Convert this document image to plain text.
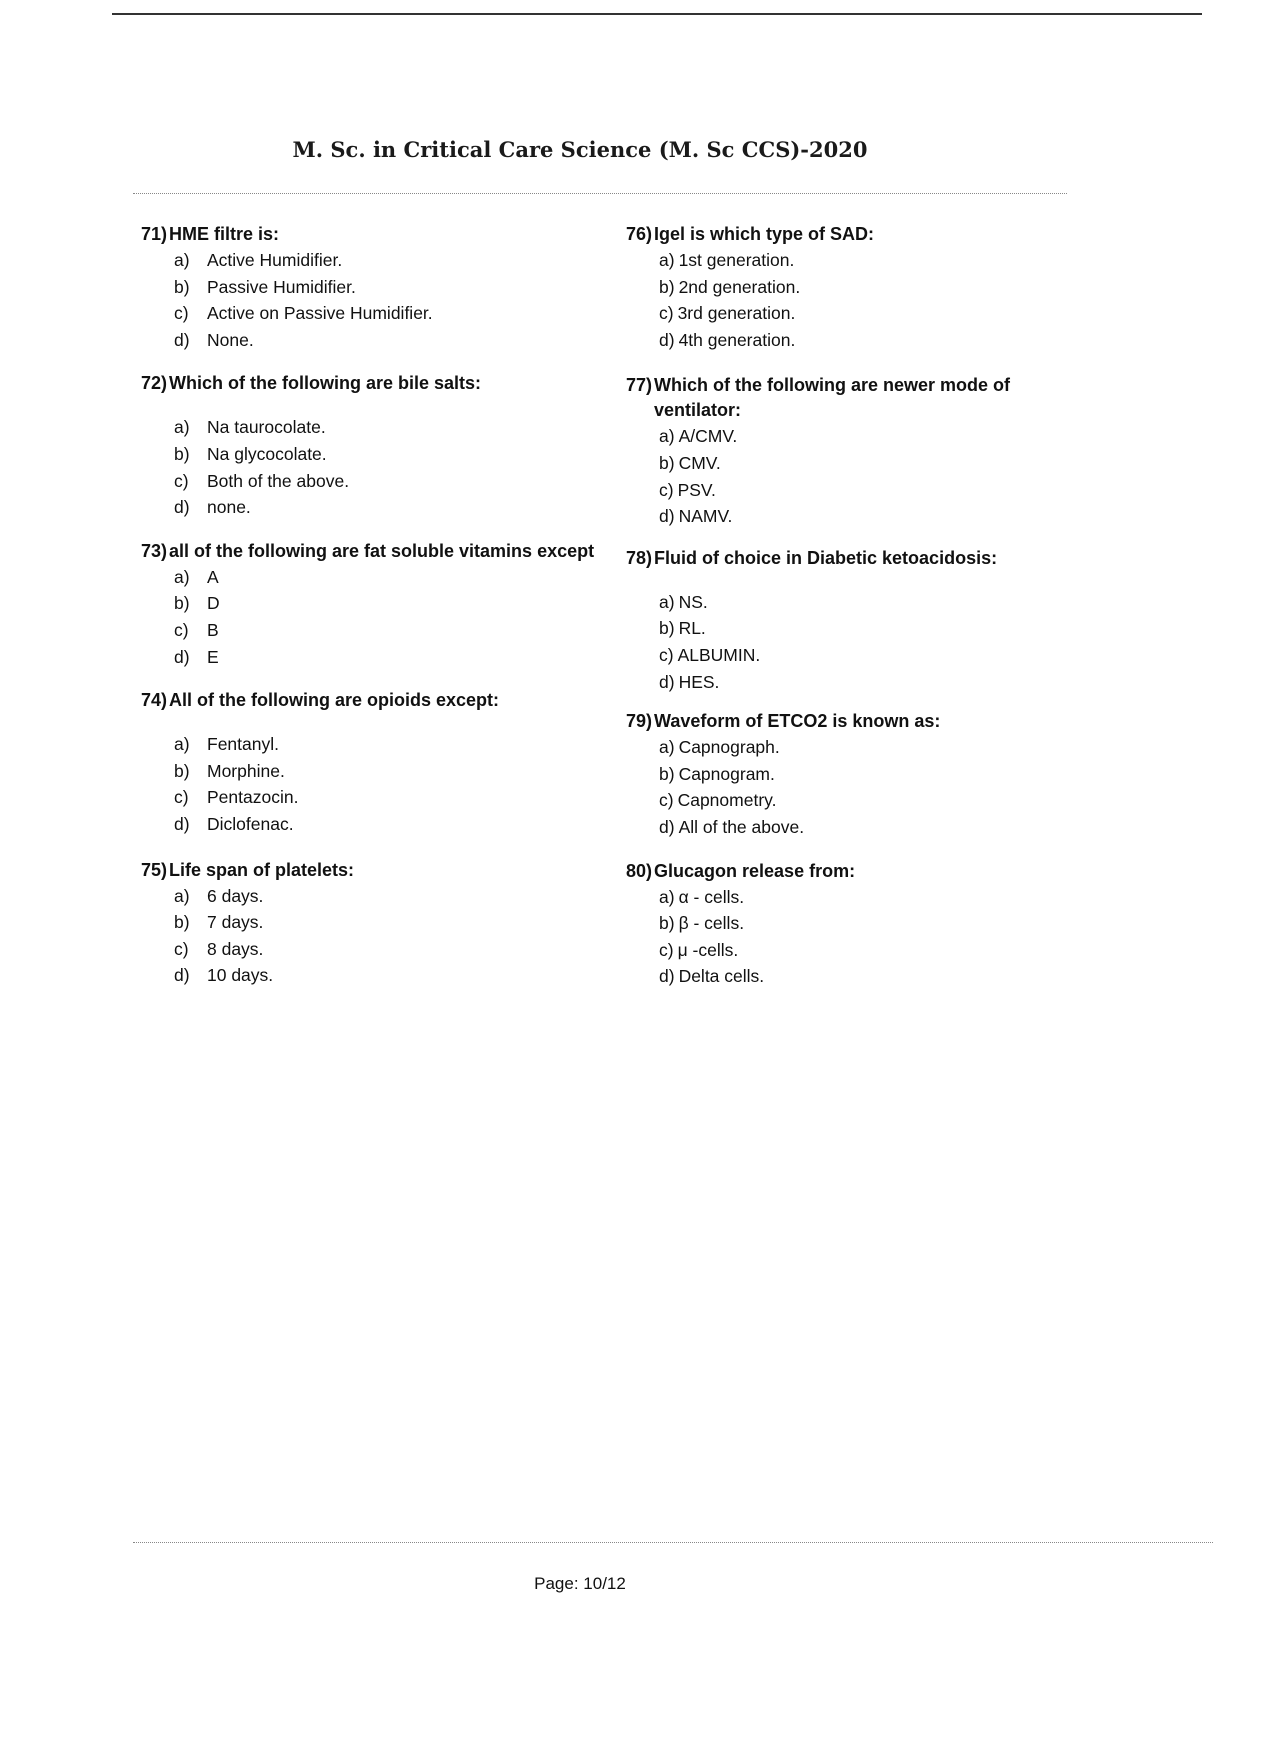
M. Sc. in Critical Care Science (M. Sc CCS)-2020
71) HME filtre is:
a) Active Humidifier.
b) Passive Humidifier.
c)	Active on Passive Humidifier.
d) None.
72) Which of the following are bile salts:
a) Na taurocolate.
b) Na glycocolate.
c)	Both of the above.
d) none.
73) all of the following are fat soluble vitamins except
a) A
b) D
c)	B
d) E
74) All of the following are opioids except:
a) Fentanyl.
b) Morphine.
c)	Pentazocin.
d) Diclofenac.
75) Life span of platelets:
a) 6 days.
b) 7 days.
c)	8 days.
d) 10 days.
76) Igel is which type of SAD:
a) 1st generation.
b) 2nd generation.
c) 3rd generation.
d) 4th generation.
77) Which of the following are newer mode of ventilator:
a) A/CMV.
b) CMV.
c) PSV.
d) NAMV.
78) Fluid of choice in Diabetic ketoacidosis:
a) NS.
b) RL.
c) ALBUMIN.
d) HES.
79) Waveform of ETCO2 is known as:
a) Capnograph.
b) Capnogram.
c) Capnometry.
d) All of the above.
80) Glucagon release from:
a) α - cells.
b) β - cells.
c) μ -cells.
d) Delta cells.
Page: 10/12
